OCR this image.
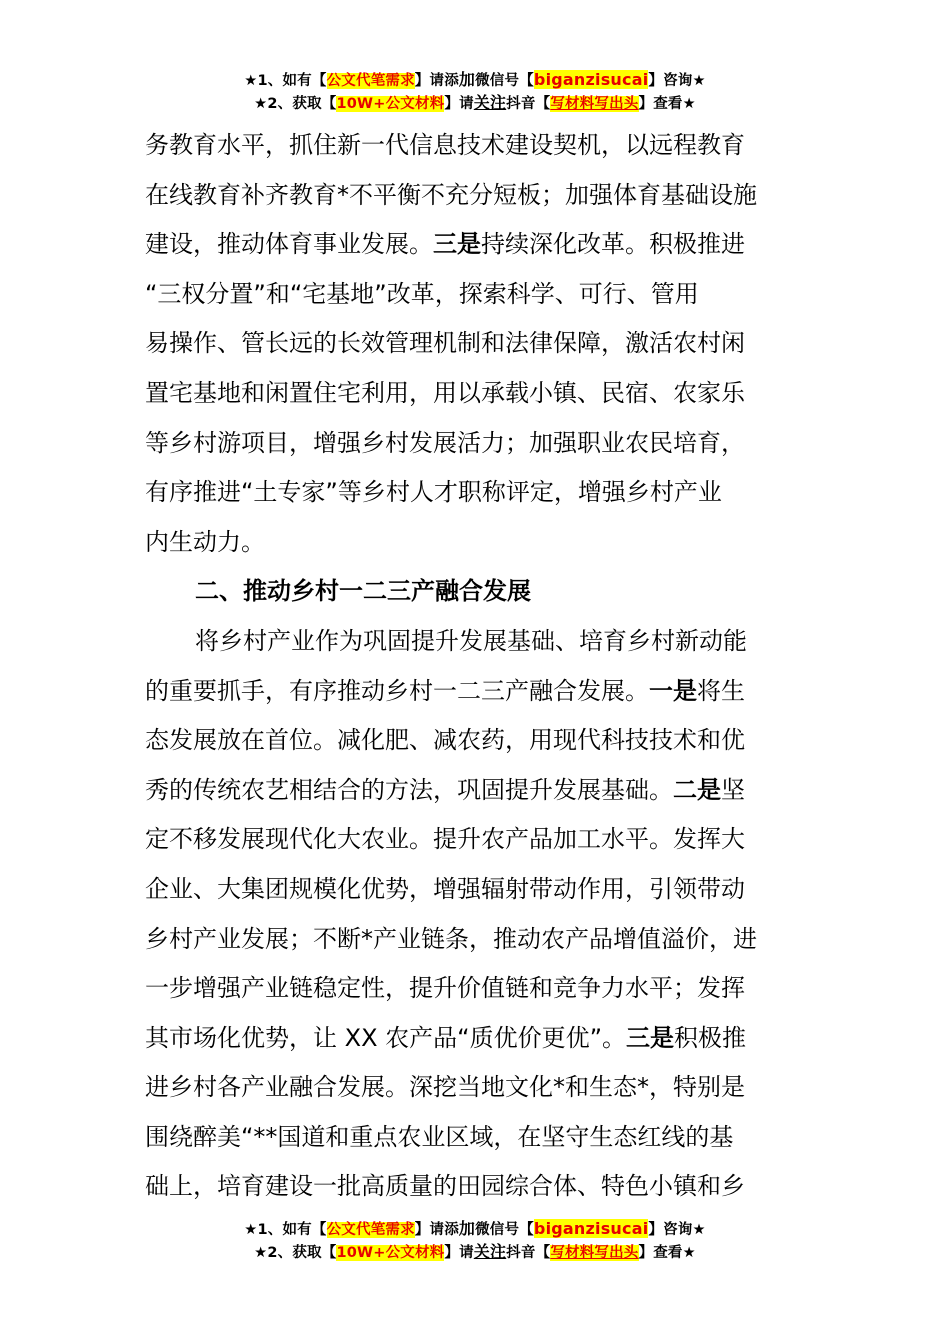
★1、如有【公文代笔需求】请添加微信号【biganzisucai】咨询★
★2、获取【10W+公文材料】请关注抖音【写材料写出头】查看★

务教育水平，抓住新一代信息技术建设契机，以远程教育
在线教育补齐教育*不平衡不充分短板；加强体育基础设施
建设，推动体育事业发展。三是持续深化改革。积极推进
“三权分置”和“宅基地”改革，探索科学、可行、管用
易操作、管长远的长效管理机制和法律保障，激活农村闲
置宅基地和闲置住宅利用，用以承载小镇、民宿、农家乐
等乡村游项目，增强乡村发展活力；加强职业农民培育，
有序推进“土专家”等乡村人才职称评定，增强乡村产业
内生动力。

二、推动乡村一二三产融合发展

将乡村产业作为巩固提升发展基础、培育乡村新动能
的重要抓手，有序推动乡村一二三产融合发展。一是将生
态发展放在首位。减化肥、减农药，用现代科技技术和优
秀的传统农艺相结合的方法，巩固提升发展基础。二是坚
定不移发展现代化大农业。提升农产品加工水平。发挥大
企业、大集团规模化优势，增强辐射带动作用，引领带动
乡村产业发展；不断*产业链条，推动农产品增值溢价，进
一步增强产业链稳定性，提升价值链和竞争力水平；发挥
其市场化优势，让 XX 农产品“质优价更优”。三是积极推
进乡村各产业融合发展。深挖当地文化*和生态*，特别是
围绕醉美“**国道和重点农业区域，在坚守生态红线的基
础上，培育建设一批高质量的田园综合体、特色小镇和乡

★1、如有【公文代笔需求】请添加微信号【biganzisucai】咨询★
★2、获取【10W+公文材料】请关注抖音【写材料写出头】查看★
